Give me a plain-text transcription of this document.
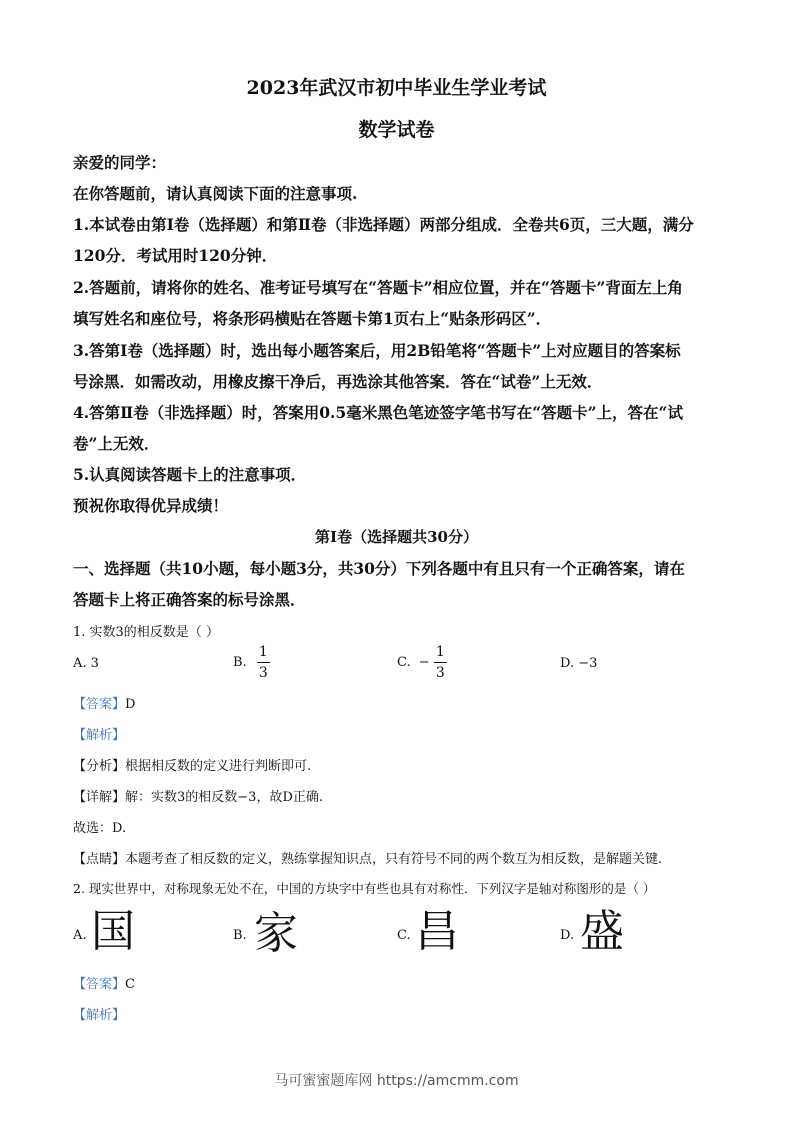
2023年武汉市初中毕业生学业考试
数学试卷
亲爱的同学：
在你答题前，请认真阅读下面的注意事项.
1.本试卷由第Ⅰ卷（选择题）和第Ⅱ卷（非选择题）两部分组成．全卷共6页，三大题，满分
120分．考试用时120分钟．
2.答题前，请将你的姓名、准考证号填写在“答题卡”相应位置，并在“答题卡”背面左上角
填写姓名和座位号，将条形码横贴在答题卡第1页右上“贴条形码区”．
3.答第Ⅰ卷（选择题）时，选出每小题答案后，用2B铅笔将“答题卡”上对应题目的答案标
号涂黑．如需改动，用橡皮擦干净后，再选涂其他答案．答在“试卷”上无效．
4.答第Ⅱ卷（非选择题）时，答案用0.5毫米黑色笔迹签字笔书写在“答题卡”上，答在“试
卷”上无效．
5.认真阅读答题卡上的注意事项．
预祝你取得优异成绩！
第Ⅰ卷（选择题共30分）
一、选择题（共10小题，每小题3分，共30分）下列各题中有且只有一个正确答案，请在
答题卡上将正确答案的标号涂黑．
1. 实数3的相反数是（ ）
A. 3	B. $\frac{1}{3}$	C. − $\frac{1}{3}$	D. −3
【答案】D
【解析】
【分析】根据相反数的定义进行判断即可.
【详解】解：实数3的相反数−3，故D正确.
故选：D.
【点睛】本题考查了相反数的定义，熟练掌握知识点，只有符号不同的两个数互为相反数，是解题关键.
2. 现实世界中，对称现象无处不在，中国的方块字中有些也具有对称性．下列汉字是轴对称图形的是（ ）
A. 国	B. 家	C. 昌	D. 盛
【答案】C
【解析】
马可蜜蜜题库网 https://amcmm.com
